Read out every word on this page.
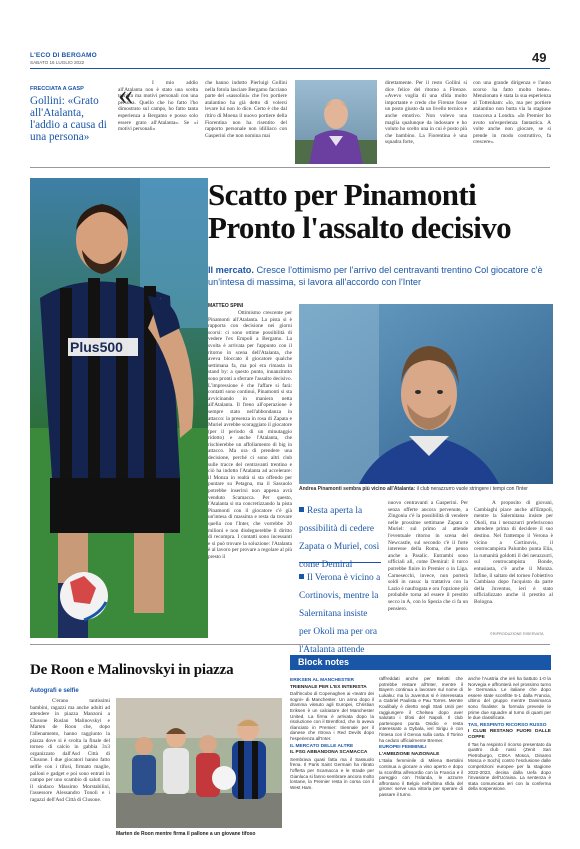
L'ECO DI BERGAMO
SABATO 16 LUGLIO 2022	49
FRECCIATA A GASP
Gollini: «Grato all'Atalanta, l'addio a causa di una persona»
«	I mio addio all'Atalanta non è stato una scelta tecnica ma motivi personali con una persona. Quello che ho fatto l'ho dimostrato sul campo, ho fatto tanta esperienza a Bergamo e posso solo essere grato all'Atalanta». Se «i motivi personali»
che hanno indotto Pierluigi Gollini nella fotola lasciare Bergamo facciano parte del «sassolini» che l'ex portiere atalantino ha già detto di volersi levare lui non lo dice. Certo è che dal ritiro di Moena il nuovo portiere della Fiorentina non ha risentito del rapporto personale non idilliaco con Gasperini che non nomina mai
direttamente. Per il resto Gollini si dice felice del ritorno a Firenze. «Avevo voglia di una sfida molto importante e credo che Firenze fosse un posto giusto da un livello tecnico e anche emotivo. Non volevo una maglia qualunque da indossare e ho voluto ho scelto una in cui è posto più che bambino. La Fiorentina è una squadra forte,
con una grande dirigenza e l'anno scorso ha fatto molto bene». Menzionato è stata la sua esperienza al Tottenham: «Io, ma per portiere atalantino non butta via la stagione trascorsa a Londra. «In Premier ho avuto un'esperienza fantastica. A volte anche non giocare, se si prende in modo costruttivo, fa crescere».
Plus500
Scatto per Pinamonti
Pronto l'assalto decisivo
Il mercato. Cresce l'ottimismo per l'arrivo del centravanti trentino Col giocatore c'è un'intesa di massima, si lavora all'accordo con l'Inter
MATTEO SPINI
Ottimismo crescente per Pinamonti all'Atalanta. La pista si è rapporta con decisione nei giorni scorsi: ci sono ottime possibilità di vedere l'ex Empoli a Bergamo. La svolta è arrivata per l'appunto con il ritorno in scena dell'Atalanta, che aveva bloccato il giocatore qualche settimana fa, ma poi era rimasta in stand by: a questo punto, innanzitutto sono pronti a sferrare l'assalto decisivo. L'impressione è che l'affare si farà: contatti sono continui, Pinamonti si sta avvicinando in maniera netta all'Atalanta. Il freno all'operazione è sempre stato nell'abbondanza in attacco: la presenza in rosa di Zapata e Muriel avrebbe scoraggiato il giocatore (per il periodo di un minutaggio ridotto) e anche l'Atalanta, che rischierebbe un affollamento di big in attacco. Ma ora di prendere una decisione, perché ci sono altri club sulle tracce del centravanti trentino e ciò ha indotto l'Atalanta ad accelerare: il Monza in realtà si sta offendo per puntare su Petagna, ma il Sassuolo potrebbe inserirsi non appena avrà venduto Scamacca. Per questo, l'Atalanta si sta concretizzando la pista Pinamonti con il giocatore c'è già un'intesa di massima e resta da trovare quella con l'Inter, che vorrebbe 20 milioni e non disdegnerebbe il diritto di recompra. I contatti sono incessanti e si può trovare la soluzione: l'Atalanta è al lavoro per provare a regolare al più presto il
Andrea Pinamonti sembra più vicino all'Atalanta: il club nerazzurro vuole stringere i tempi con l'Inter
Resta aperta la possibilità di cedere Zapata o Muriel, così come Demiral
Il Verona è vicino a Cortinovis, mentre la Salernitana insiste per Okoli ma per ora l'Atalanta attende
nuovo centravanti a Gasperini. Per senza offerte ancora pervenute, a Zingonia c'è la possibilità di vendere nelle prossime settimane Zapata o Muriel: sul primo al attende l'eventuale ritorno in scena del Newcastle, sul secondo c'è il forte interesse della Roma, che penso anche a Pasalic. Entrambi sono ufficiali all, come Demiral: il turco potrebbe finire in Premier o in Liga. Carnesecchi, invece, non porterà soldi in cassa: la trattativa con la Lazio è naufragata e ora l'opzione più probabile torna ad essere il prestito secco in A, con lo Spezia che ci fa un pensiero.
A proposito di giovani, Cambiaghi piace anche all'Empoli, mentre la Salernitana insiste per Okoli, ma i nerazzurri preferiscono attendere prima di decidere il suo destino. Nel frattempo il Verona è vicino a Cortinovis, il centrocampista Palumbo punta Elia, la rumanità goldotti il dei nerazzurri, sul centrocampista Bonde, entusiasta, c'è anche il Monza. Infine, il saltato del torneo l'obiettivo Cambiaso dopo l'acquisto da parte della Juventus, ieri è stato ufficializzato anche il prestito al Bologna.
©RIPRODUZIONE RISERVATA
De Roon e Malinovskyi in piazza
Autografi e selfie
C'erano tantissimi bambini, ragazzi ma anche adulti ad attendere in piazza Manzoni a Clusone Ruslan Malinovskyi e Marten de Roon che, dopo l'allenamento, hanno raggiunto la piazza dove si è svolta la finale del torneo di calcio in gabbia 3x3 organizzato dall'Asd Città di Clusone. I due giocatori hanno fatto selfie con i tifosi, firmato maglie, palloni e gadget e poi sono entrati in campo per uno scambio di saluti con il sindaco Massimo Morstabilini, l'assessore Alessandro Tonoli e i ragazzi dell'Asd Città di Clusone.
Marten de Roon mentre firma il pallone a un giovane tifoso
Block notes

ERIKSEN AL MANCHESTER

TRIENNALE PER L'EX INTERISTA

Dall'incubo di Copenaghen ai «teatro dei sogni» di Manchester. Un anno dopo il dramma vissuto agli Europei, Christian Eriksen è un calciatore del Manchester United. La firma è arrivata dopo la risoluzione con il Brentford, che lo aveva rilanciato in Premier: triennale per il danese che ritrova i Red Devils dopo l'esperienza all'Inter.

IL MERCATO DELLE ALTRE

IL PSG ABBANDONA SCAMACCA

Sembrava quasi fatta ma il Sassuolo frena. Il Paris Saint Germain ha ritirato l'offerta per Scamacca e le strade per Gianluca si fanno sembrare ancora molto lontane, la Premier resta in corsa con il West Ham.

raffreddati anche per Belotti che potrebbe restare all'Inter, mentre il Bayern continua a lavorare sul nome di Lukaku: ma la Juventus si è interessata a Gabriel Paulista e Pau Torres. Mentre Koulibaly è diretto negli Stati Uniti per raggiungere il Chelsea dopo aver salutato i tifosi del Napoli. Il club partenopeo punta Osidio e resta interessato a Dybala, ieri Sirigu è con l'intesa con il Genoa sulla carta. Il Torino ha ceduto ufficialmente Bremer.

EUROPEI FEMMINILI

L'AMBIZIONE NAZIONALE

L'Italia femminile di Milena Bertolini continua a giocare a viso aperto e dopo la sconfitta all'esordio con la Francia e il pareggio con l'Islanda, le azzurre affrontano il Belgio nell'ultima sfida del girone: serve una vittoria per sperare di passare il turno.

anche l'Austria che ieri ha battuto 1-0 la Norvegia e affronterà nel prossimo turno le Germania. Le italiane che dopo essere state sconfitte 5-1 dalla Francia, ultimo del gruppo mentre Danimarca sono finaliste: la formula prevede le prime due squadre al turno di quarti per le due classificate.

TAS, RESPINTO RICORSO RUSSO

I CLUB RESTANO FUORI DALLE COPPE

Il Tas ha respinto il ricorso presentato da quattro club russi (Zenit San Pietroburgo, CSKA Mosca, Dinamo Mosca e Sochi) contro l'esclusione dalle competizioni europee per la stagione 2022-2023, decisa dalla Uefa dopo l'invasione dell'Ucraina. La sentenza è stata comunicata ieri con la conferma della sospensione.
